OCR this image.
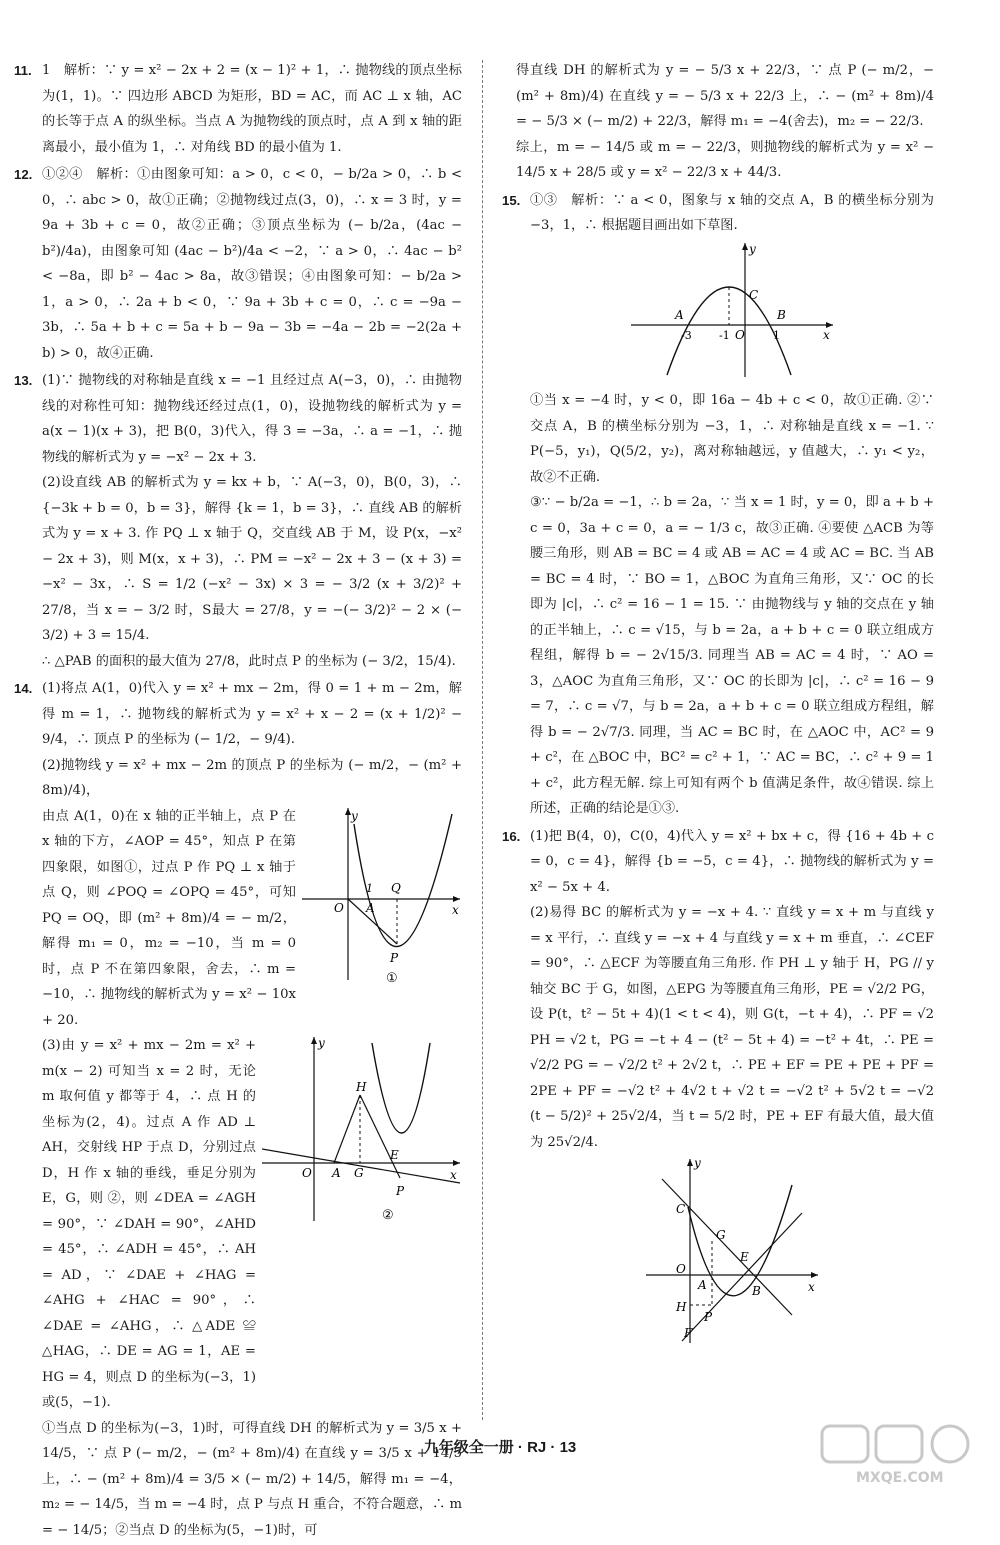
11. 1　解析：∵ y = x² − 2x + 2 = (x − 1)² + 1，∴ 抛物线的顶点坐标为(1，1)。∵ 四边形 ABCD 为矩形，BD = AC，而 AC ⊥ x 轴，AC 的长等于点 A 的纵坐标。当点 A 为抛物线的顶点时，点 A 到 x 轴的距离最小，最小值为 1，∴ 对角线 BD 的最小值为 1.

12. ①②④　解析：①由图象可知：a > 0，c < 0，− b/2a > 0，∴ b < 0，∴ abc > 0，故①正确；②抛物线过点(3，0)，∴ x = 3 时，y = 9a + 3b + c = 0，故②正确；③顶点坐标为 (− b/2a，(4ac − b²)/4a)，由图象可知 (4ac − b²)/4a < −2，∵ a > 0，∴ 4ac − b² < −8a，即 b² − 4ac > 8a，故③错误；④由图象可知：− b/2a > 1，a > 0，∴ 2a + b < 0，∵ 9a + 3b + c = 0，∴ c = −9a − 3b，∴ 5a + b + c = 5a + b − 9a − 3b = −4a − 2b = −2(2a + b) > 0，故④正确.

13. (1)∵ 抛物线的对称轴是直线 x = −1 且经过点 A(−3，0)，∴ 由抛物线的对称性可知：抛物线还经过点(1，0)，设抛物线的解析式为 y = a(x − 1)(x + 3)，把 B(0，3)代入，得 3 = −3a，∴ a = −1，∴ 抛物线的解析式为 y = −x² − 2x + 3.

(2)设直线 AB 的解析式为 y = kx + b，∵ A(−3，0)，B(0，3)，∴ {−3k + b = 0，b = 3}，解得 {k = 1，b = 3}，∴ 直线 AB 的解析式为 y = x + 3. 作 PQ ⊥ x 轴于 Q，交直线 AB 于 M，设 P(x，−x² − 2x + 3)，则 M(x，x + 3)，∴ PM = −x² − 2x + 3 − (x + 3) = −x² − 3x，∴ S = 1/2 (−x² − 3x) × 3 = − 3/2 (x + 3/2)² + 27/8，当 x = − 3/2 时，S最大 = 27/8，y = −(− 3/2)² − 2 × (− 3/2) + 3 = 15/4.

∴ △PAB 的面积的最大值为 27/8，此时点 P 的坐标为 (− 3/2，15/4).

14. (1)将点 A(1，0)代入 y = x² + mx − 2m，得 0 = 1 + m − 2m，解得 m = 1，∴ 抛物线的解析式为 y = x² + x − 2 = (x + 1/2)² − 9/4，∴ 顶点 P 的坐标为 (− 1/2，− 9/4).

(2)抛物线 y = x² + mx − 2m 的顶点 P 的坐标为 (− m/2，− (m² + 8m)/4)，

由点 A(1，0)在 x 轴的正半轴上，点 P 在 x 轴的下方，∠AOP = 45°，知点 P 在第四象限，如图①，过点 P 作 PQ ⊥ x 轴于点 Q，则 ∠POQ = ∠OPQ = 45°，可知 PQ = OQ，即 (m² + 8m)/4 = − m/2，解得 m₁ = 0，m₂ = −10，当 m = 0 时，点 P 不在第四象限，舍去，∴ m = −10，∴ 抛物线的解析式为 y = x² − 10x + 20.

y
O A
1 Q
x
P
①

(3)由 y = x² + mx − 2m = x² + m(x − 2) 可知当 x = 2 时，无论 m 取何值 y 都等于 4，∴ 点 H 的坐标为(2，4)。过点 A 作 AD ⊥ AH，交射线 HP 于点 D，分别过点 D，H 作 x 轴的垂线，垂足分别为 E，G，则 ②，则 ∠DEA = ∠AGH = 90°，∵ ∠DAH = 90°，∠AHD = 45°，∴ ∠ADH = 45°，∴ AH = AD，∵ ∠DAE + ∠HAG = ∠AHG + ∠HAC = 90°，∴ ∠DAE = ∠AHG，∴ △ADE ≌ △HAG，∴ DE = AG = 1，AE = HG = 4，则点 D 的坐标为(−3，1)或(5，−1).

y
H
O A G
E
P
x
②

①当点 D 的坐标为(−3，1)时，可得直线 DH 的解析式为 y = 3/5 x + 14/5，∵ 点 P (− m/2，− (m² + 8m)/4) 在直线 y = 3/5 x + 14/5 上，∴ − (m² + 8m)/4 = 3/5 × (− m/2) + 14/5，解得 m₁ = −4，m₂ = − 14/5，当 m = −4 时，点 P 与点 H 重合，不符合题意，∴ m = − 14/5；②当点 D 的坐标为(5，−1)时，可

得直线 DH 的解析式为 y = − 5/3 x + 22/3，∵ 点 P (− m/2，− (m² + 8m)/4) 在直线 y = − 5/3 x + 22/3 上，∴ − (m² + 8m)/4 = − 5/3 × (− m/2) + 22/3，解得 m₁ = −4(舍去)，m₂ = − 22/3.

综上，m = − 14/5 或 m = − 22/3，则抛物线的解析式为 y = x² − 14/5 x + 28/5 或 y = x² − 22/3 x + 44/3.

15. ①③　解析：∵ a < 0，图象与 x 轴的交点 A，B 的横坐标分别为 −3，1，∴ 根据题目画出如下草图.

A
C
B
-3 -1 O	1	x
y

①当 x = −4 时，y < 0，即 16a − 4b + c < 0，故①正确. ②∵ 交点 A，B 的横坐标分别为 −3，1，∴ 对称轴是直线 x = −1. ∵ P(−5，y₁)，Q(5/2，y₂)，离对称轴越远，y 值越大，∴ y₁ < y₂，故②不正确.

③∵ − b/2a = −1，∴ b = 2a，∵ 当 x = 1 时，y = 0，即 a + b + c = 0，3a + c = 0，a = − 1/3 c，故③正确. ④要使 △ACB 为等腰三角形，则 AB = BC = 4 或 AB = AC = 4 或 AC = BC. 当 AB = BC = 4 时，∵ BO = 1，△BOC 为直角三角形，又∵ OC 的长即为 |c|，∴ c² = 16 − 1 = 15. ∵ 由抛物线与 y 轴的交点在 y 轴的正半轴上，∴ c = √15，与 b = 2a，a + b + c = 0 联立组成方程组，解得 b = − 2√15/3. 同理当 AB = AC = 4 时，∵ AO = 3，△AOC 为直角三角形，又∵ OC 的长即为 |c|，∴ c² = 16 − 9 = 7，∴ c = √7，与 b = 2a，a + b + c = 0 联立组成方程组，解得 b = − 2√7/3. 同理，当 AC = BC 时，在 △AOC 中，AC² = 9 + c²，在 △BOC 中，BC² = c² + 1，∵ AC = BC，∴ c² + 9 = 1 + c²，此方程无解. 综上可知有两个 b 值满足条件，故④错误. 综上所述，正确的结论是①③.

16. (1)把 B(4，0)，C(0，4)代入 y = x² + bx + c，得 {16 + 4b + c = 0，c = 4}，解得 {b = −5，c = 4}，∴ 抛物线的解析式为 y = x² − 5x + 4.

(2)易得 BC 的解析式为 y = −x + 4. ∵ 直线 y = x + m 与直线 y = x 平行，∴ 直线 y = −x + 4 与直线 y = x + m 垂直，∴ ∠CEF = 90°，∴ △ECF 为等腰直角三角形. 作 PH ⊥ y 轴于 H，PG // y 轴交 BC 于 G，如图，△EPG 为等腰直角三角形，PE = √2/2 PG，设 P(t，t² − 5t + 4)(1 < t < 4)，则 G(t，−t + 4)，∴ PF = √2 PH = √2 t，PG = −t + 4 − (t² − 5t + 4) = −t² + 4t，∴ PE = √2/2 PG = − √2/2 t² + 2√2 t，∴ PE + EF = PE + PE + PF = 2PE + PF = −√2 t² + 4√2 t + √2 t = −√2 t² + 5√2 t = −√2 (t − 5/2)² + 25√2/4，当 t = 5/2 时，PE + EF 有最大值，最大值为 25√2/4.

y
C
G
E
O
H
A	B
P
F
x
九年级全一册 · RJ · 13
MXQE.COM
